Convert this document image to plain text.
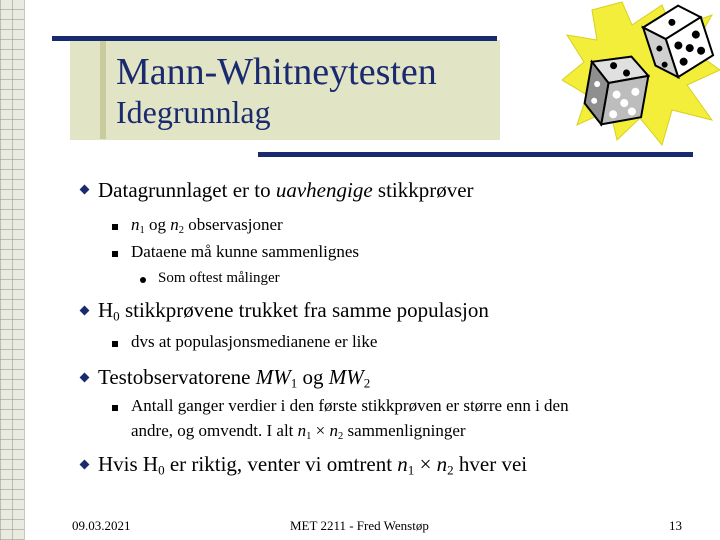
Mann-Whitneytesten
Idegrunnlag
Datagrunnlaget er to uavhengige stikkprøver
$n_1$ og $n_2$ observasjoner
Dataene må kunne sammenlignes
Som oftest målinger
$H_0$ stikkprøvene trukket fra samme populasjon
dvs at populasjonsmedianene er like
Testobservatorene $MW_1$ og $MW_2$
Antall ganger verdier i den første stikkprøven er større enn i den
andre, og omvendt. I alt $n_1 \times n_2$ sammenligninger
Hvis $H_0$ er riktig, venter vi omtrent $n_1 \times n_2$ hver vei
09.03.2021	MET 2211 - Fred Wenstøp	13
